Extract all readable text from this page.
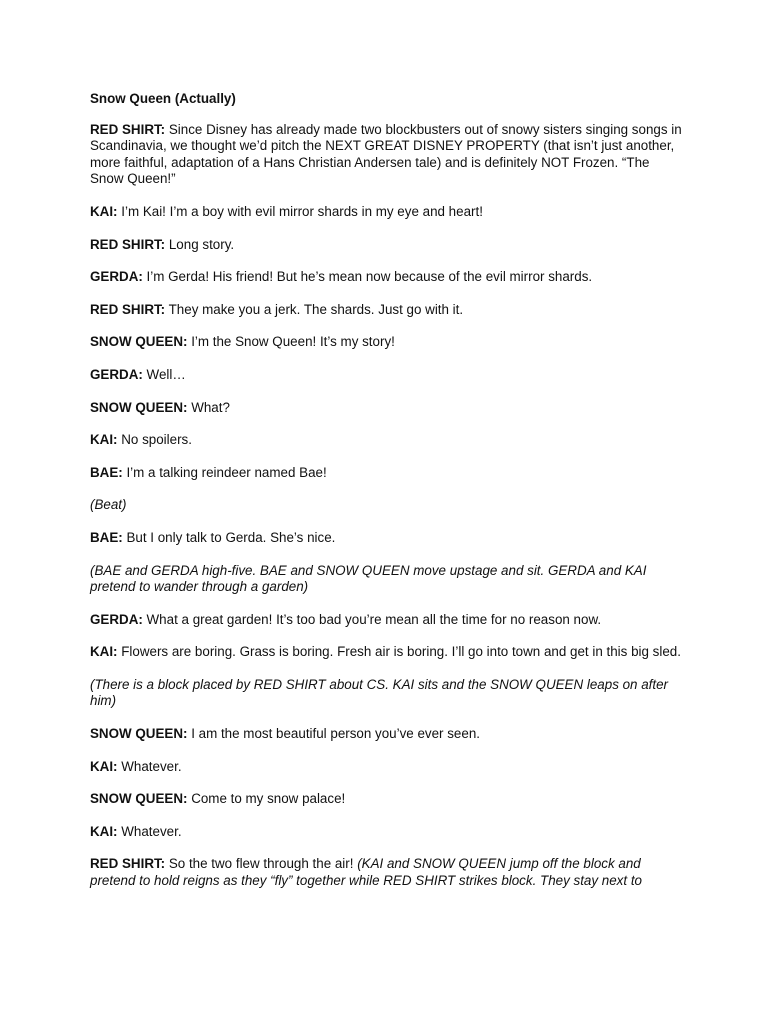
Snow Queen (Actually)
RED SHIRT: Since Disney has already made two blockbusters out of snowy sisters singing songs in Scandinavia, we thought we’d pitch the NEXT GREAT DISNEY PROPERTY (that isn’t just another, more faithful, adaptation of a Hans Christian Andersen tale) and is definitely NOT Frozen. “The Snow Queen!”
KAI: I’m Kai! I’m a boy with evil mirror shards in my eye and heart!
RED SHIRT: Long story.
GERDA: I’m Gerda! His friend! But he’s mean now because of the evil mirror shards.
RED SHIRT: They make you a jerk. The shards. Just go with it.
SNOW QUEEN: I’m the Snow Queen! It’s my story!
GERDA: Well…
SNOW QUEEN: What?
KAI: No spoilers.
BAE: I’m a talking reindeer named Bae!
(Beat)
BAE: But I only talk to Gerda. She’s nice.
(BAE and GERDA high-five. BAE and SNOW QUEEN move upstage and sit. GERDA and KAI pretend to wander through a garden)
GERDA: What a great garden! It’s too bad you’re mean all the time for no reason now.
KAI: Flowers are boring. Grass is boring. Fresh air is boring. I’ll go into town and get in this big sled.
(There is a block placed by RED SHIRT about CS. KAI sits and the SNOW QUEEN leaps on after him)
SNOW QUEEN: I am the most beautiful person you’ve ever seen.
KAI: Whatever.
SNOW QUEEN: Come to my snow palace!
KAI: Whatever.
RED SHIRT: So the two flew through the air! (KAI and SNOW QUEEN jump off the block and pretend to hold reigns as they “fly” together while RED SHIRT strikes block. They stay next to
